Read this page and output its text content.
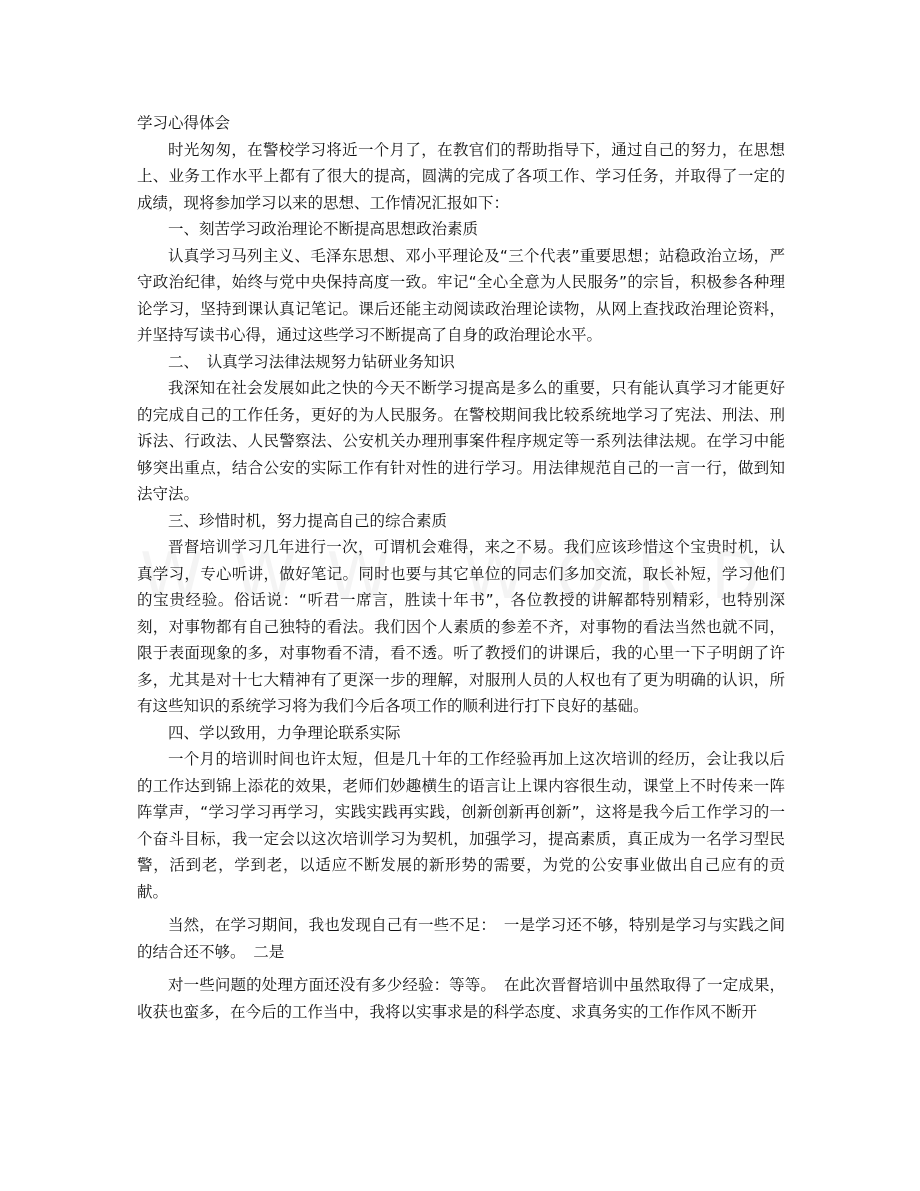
学习心得体会

时光匆匆，在警校学习将近一个月了，在教官们的帮助指导下，通过自己的努力，在思想上、业务工作水平上都有了很大的提高，圆满的完成了各项工作、学习任务，并取得了一定的成绩，现将参加学习以来的思想、工作情况汇报如下：

一、刻苦学习政治理论不断提高思想政治素质

认真学习马列主义、毛泽东思想、邓小平理论及“三个代表”重要思想；站稳政治立场，严守政治纪律，始终与党中央保持高度一致。牢记“全心全意为人民服务”的宗旨，积极参各种理论学习，坚持到课认真记笔记。课后还能主动阅读政治理论读物，从网上查找政治理论资料，并坚持写读书心得，通过这些学习不断提高了自身的政治理论水平。

二、　认真学习法律法规努力钻研业务知识

我深知在社会发展如此之快的今天不断学习提高是多么的重要，只有能认真学习才能更好的完成自己的工作任务，更好的为人民服务。在警校期间我比较系统地学习了宪法、刑法、刑诉法、行政法、人民警察法、公安机关办理刑事案件程序规定等一系列法律法规。在学习中能够突出重点，结合公安的实际工作有针对性的进行学习。用法律规范自己的一言一行，做到知法守法。

三、珍惜时机，努力提高自己的综合素质

晋督培训学习几年进行一次，可谓机会难得，来之不易。我们应该珍惜这个宝贵时机，认真学习，专心听讲，做好笔记。同时也要与其它单位的同志们多加交流，取长补短，学习他们的宝贵经验。俗话说：“听君一席言，胜读十年书”，各位教授的讲解都特别精彩，也特别深刻，对事物都有自己独特的看法。我们因个人素质的参差不齐，对事物的看法当然也就不同，限于表面现象的多，对事物看不清，看不透。听了教授们的讲课后，我的心里一下子明朗了许多，尤其是对十七大精神有了更深一步的理解，对服刑人员的人权也有了更为明确的认识，所有这些知识的系统学习将为我们今后各项工作的顺利进行打下良好的基础。

四、学以致用，力争理论联系实际

一个月的培训时间也许太短，但是几十年的工作经验再加上这次培训的经历，会让我以后的工作达到锦上添花的效果，老师们妙趣横生的语言让上课内容很生动，课堂上不时传来一阵阵掌声，“学习学习再学习，实践实践再实践，创新创新再创新”，这将是我今后工作学习的一个奋斗目标，我一定会以这次培训学习为契机，加强学习，提高素质，真正成为一名学习型民警，活到老，学到老，以适应不断发展的新形势的需要，为党的公安事业做出自己应有的贡献。

当然，在学习期间，我也发现自己有一些不足：　一是学习还不够，特别是学习与实践之间的结合还不够。　二是

对一些问题的处理方面还没有多少经验：等等。　在此次晋督培训中虽然取得了一定成果，收获也蛮多，在今后的工作当中，我将以实事求是的科学态度、求真务实的工作作风不断开
